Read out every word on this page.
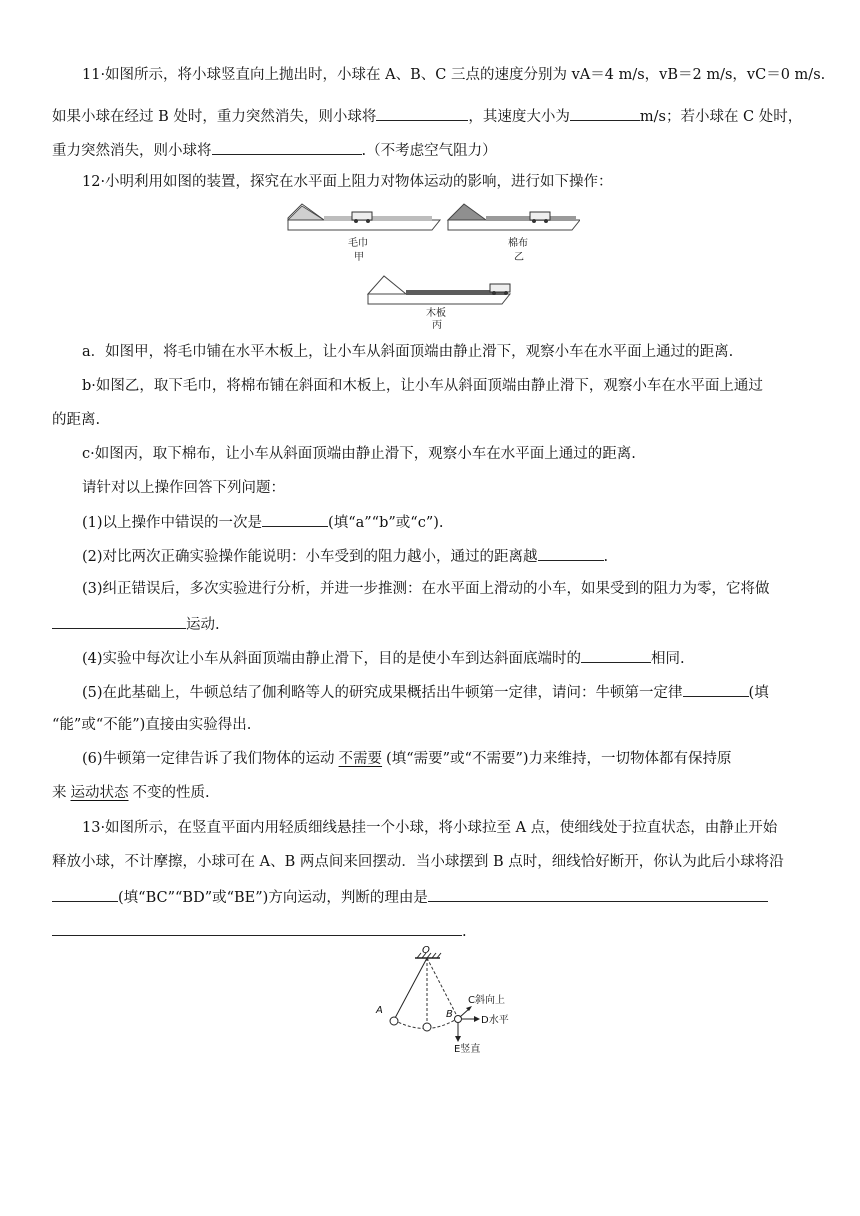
11·如图所示，将小球竖直向上抛出时，小球在 A、B、C 三点的速度分别为 vA＝4 m/s，vB＝2 m/s，vC＝0 m/s.
如果小球在经过 B 处时，重力突然消失，则小球将	，其速度大小为	m/s；若小球在 C 处时，
重力突然消失，则小球将	.（不考虑空气阻力）
12·小明利用如图的装置，探究在水平面上阻力对物体运动的影响，进行如下操作：
毛巾
甲
棉布
乙
木板
丙
a．如图甲，将毛巾铺在水平木板上，让小车从斜面顶端由静止滑下，观察小车在水平面上通过的距离.
b·如图乙，取下毛巾，将棉布铺在斜面和木板上，让小车从斜面顶端由静止滑下，观察小车在水平面上通过
的距离.
c·如图丙，取下棉布，让小车从斜面顶端由静止滑下，观察小车在水平面上通过的距离.
请针对以上操作回答下列问题：
(1)以上操作中错误的一次是	(填“a”“b”或“c”).
(2)对比两次正确实验操作能说明：小车受到的阻力越小，通过的距离越	.
(3)纠正错误后，多次实验进行分析，并进一步推测：在水平面上滑动的小车，如果受到的阻力为零，它将做
运动.
(4)实验中每次让小车从斜面顶端由静止滑下，目的是使小车到达斜面底端时的	相同.
(5)在此基础上，牛顿总结了伽利略等人的研究成果概括出牛顿第一定律，请问：牛顿第一定律	(填
“能”或“不能”)直接由实验得出.
(6)牛顿第一定律告诉了我们物体的运动 不需要 (填“需要”或“不需要”)力来维持，一切物体都有保持原
来 运动状态 不变的性质.
13·如图所示，在竖直平面内用轻质细线悬挂一个小球，将小球拉至 A 点，使细线处于拉直状态，由静止开始
释放小球，不计摩擦，小球可在 A、B 两点间来回摆动．当小球摆到 B 点时，细线恰好断开，你认为此后小球将沿
(填“BC”“BD”或“BE”)方向运动，判断的理由是
.
O
A	B
C斜向上
D水平
E竖直
